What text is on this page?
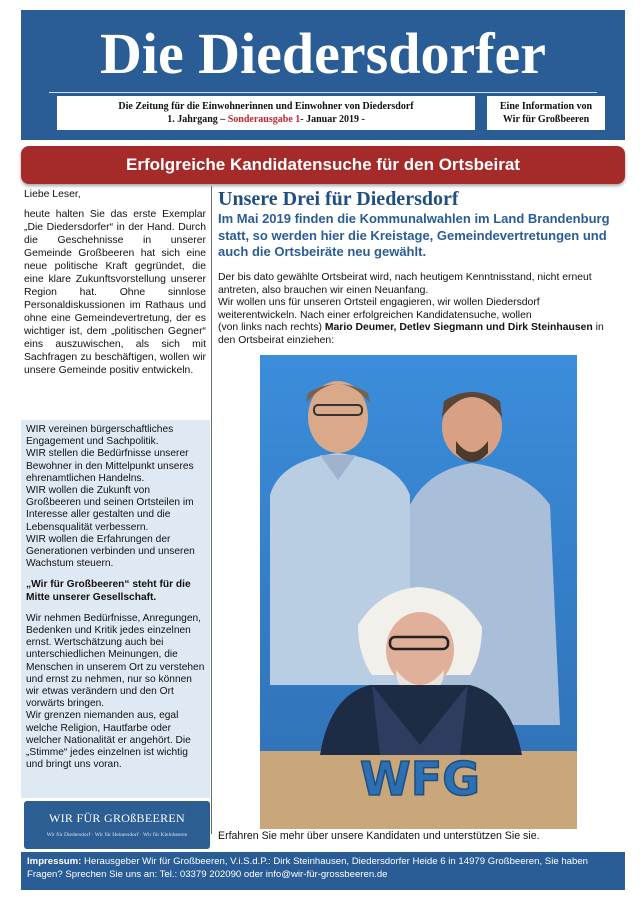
Die Diedersdorfer
Die Zeitung für die Einwohnerinnen und Einwohner von Diedersdorf
1. Jahrgang – Sonderausgabe 1- Januar 2019 -
Eine Information von
Wir für Großbeeren
Erfolgreiche Kandidatensuche für den Ortsbeirat

Liebe Leser,

heute halten Sie das erste Exemplar „Die Diedersdorfer“ in der Hand. Durch die Geschehnisse in unserer Gemeinde Großbeeren hat sich eine neue politische Kraft gegründet, die eine klare Zukunftsvorstellung unserer Region hat. Ohne sinnlose Personaldiskussionen im Rathaus und ohne eine Gemeindevertretung, der es wichtiger ist, dem „politischen Gegner“ eins auszuwischen, als sich mit Sachfragen zu beschäftigen, wollen wir unsere Gemeinde positiv entwickeln.

WIR vereinen bürgerschaftliches Engagement und Sachpolitik.

WIR stellen die Bedürfnisse unserer Bewohner in den Mittelpunkt unseres ehrenamtlichen Handelns.

WIR wollen die Zukunft von Großbeeren und seinen Ortsteilen im Interesse aller gestalten und die Lebensqualität verbessern.

WIR wollen die Erfahrungen der Generationen verbinden und unseren Wachstum steuern.

„Wir für Großbeeren“ steht für die Mitte unserer Gesellschaft.

Wir nehmen Bedürfnisse, Anregungen, Bedenken und Kritik jedes einzelnen ernst. Wertschätzung auch bei unterschiedlichen Meinungen, die Menschen in unserem Ort zu verstehen und ernst zu nehmen, nur so können wir etwas verändern und den Ort vorwärts bringen.
Wir grenzen niemanden aus, egal welche Religion, Hautfarbe oder welcher Nationalität er angehört. Die „Stimme“ jedes einzelnen ist wichtig und bringt uns voran.

WIR FÜR GROßBEEREN
Wir für Diedersdorf · Wir für Heinersdorf · Wir für Kleinbeeren
Unsere Drei für Diedersdorf
Im Mai 2019 finden die Kommunalwahlen im Land Brandenburg statt, so werden hier die Kreistage, Gemeindevertretungen und auch die Ortsbeiräte neu gewählt.

Der bis dato gewählte Ortsbeirat wird, nach heutigem Kenntnisstand, nicht erneut antreten, also brauchen wir einen Neuanfang.

Wir wollen uns für unseren Ortsteil engagieren, wir wollen Diedersdorf weiterentwickeln. Nach einer erfolgreichen Kandidatensuche, wollen

(von links nach rechts) Mario Deumer, Detlev Siegmann und Dirk Steinhausen in den Ortsbeirat einziehen:

WFG
Erfahren Sie mehr über unsere Kandidaten und unterstützen Sie sie.
Impressum: Herausgeber Wir für Großbeeren, V.i.S.d.P.: Dirk Steinhausen, Diedersdorfer Heide 6 in 14979 Großbeeren, Sie haben Fragen? Sprechen Sie uns an: Tel.: 03379 202090 oder info@wir-für-grossbeeren.de
